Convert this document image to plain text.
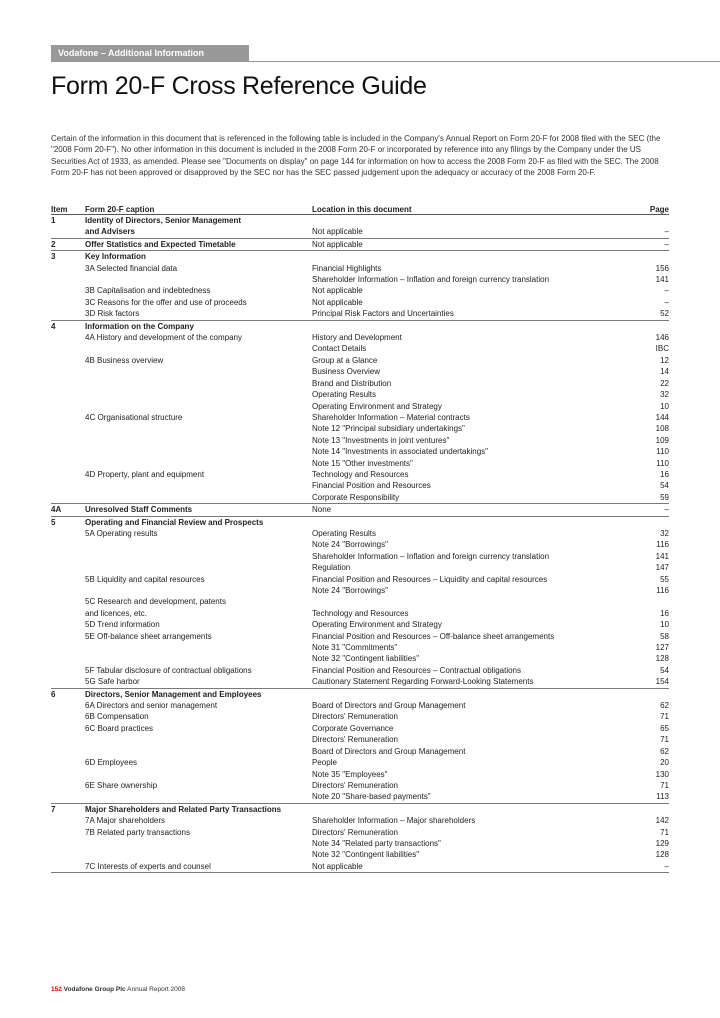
Vodafone – Additional Information
Form 20-F Cross Reference Guide
Certain of the information in this document that is referenced in the following table is included in the Company's Annual Report on Form 20-F for 2008 filed with the SEC (the "2008 Form 20-F"). No other information in this document is included in the 2008 Form 20-F or incorporated by reference into any filings by the Company under the US Securities Act of 1933, as amended. Please see "Documents on display" on page 144 for information on how to access the 2008 Form 20-F as filed with the SEC. The 2008 Form 20-F has not been approved or disapproved by the SEC nor has the SEC passed judgement upon the adequacy or accuracy of the 2008 Form 20-F.
Item	Form 20-F caption	Location in this document	Page
1	Identity of Directors, Senior Management		
	and Advisers	Not applicable	–
2	Offer Statistics and Expected Timetable	Not applicable	–
3	Key Information		
	3A Selected financial data	Financial Highlights	156
		Shareholder Information – Inflation and foreign currency translation	141
	3B Capitalisation and indebtedness	Not applicable	–
	3C Reasons for the offer and use of proceeds	Not applicable	–
	3D Risk factors	Principal Risk Factors and Uncertainties	52
4	Information on the Company		
	4A History and development of the company	History and Development	146
		Contact Details	IBC
	4B Business overview	Group at a Glance	12
		Business Overview	14
		Brand and Distribution	22
		Operating Results	32
		Operating Environment and Strategy	10
	4C Organisational structure	Shareholder Information – Material contracts	144
		Note 12 "Principal subsidiary undertakings"	108
		Note 13 "Investments in joint ventures"	109
		Note 14 "Investments in associated undertakings"	110
		Note 15 "Other investments"	110
	4D Property, plant and equipment	Technology and Resources	16
		Financial Position and Resources	54
		Corporate Responsibility	59
4A	Unresolved Staff Comments	None	–
5	Operating and Financial Review and Prospects		
	5A Operating results	Operating Results	32
		Note 24 "Borrowings"	116
		Shareholder Information – Inflation and foreign currency translation	141
		Regulation	147
	5B Liquidity and capital resources	Financial Position and Resources – Liquidity and capital resources	55
		Note 24 "Borrowings"	116
	5C Research and development, patents		
	and licences, etc.	Technology and Resources	16
	5D Trend information	Operating Environment and Strategy	10
	5E Off-balance sheet arrangements	Financial Position and Resources – Off-balance sheet arrangements	58
		Note 31 "Commitments"	127
		Note 32 "Contingent liabilities"	128
	5F Tabular disclosure of contractual obligations	Financial Position and Resources – Contractual obligations	54
	5G Safe harbor	Cautionary Statement Regarding Forward-Looking Statements	154
6	Directors, Senior Management and Employees		
	6A Directors and senior management	Board of Directors and Group Management	62
	6B Compensation	Directors' Remuneration	71
	6C Board practices	Corporate Governance	65
		Directors' Remuneration	71
		Board of Directors and Group Management	62
	6D Employees	People	20
		Note 35 "Employees"	130
	6E Share ownership	Directors' Remuneration	71
		Note 20 "Share-based payments"	113
7	Major Shareholders and Related Party Transactions		
	7A Major shareholders	Shareholder Information – Major shareholders	142
	7B Related party transactions	Directors' Remuneration	71
		Note 34 "Related party transactions"	129
		Note 32 "Contingent liabilities"	128
	7C Interests of experts and counsel	Not applicable	–
152 Vodafone Group Plc Annual Report 2008
